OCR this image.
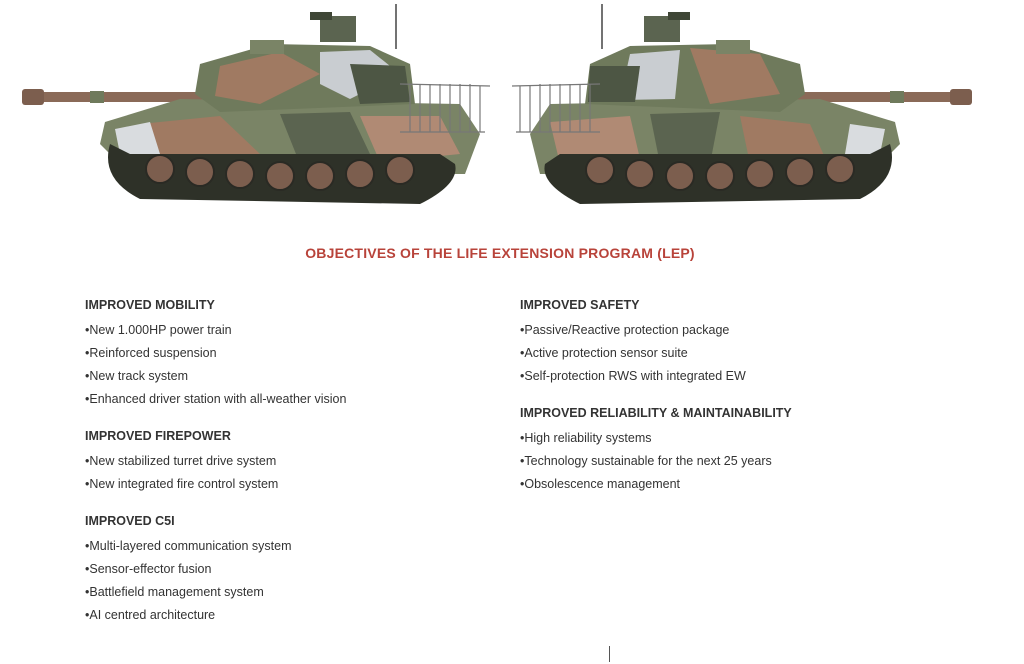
OBJECTIVES OF THE LIFE EXTENSION PROGRAM (LEP)
IMPROVED MOBILITY
•New 1.000HP power train
•Reinforced suspension
•New track system
•Enhanced driver station with all-weather vision
IMPROVED FIREPOWER
•New stabilized turret drive system
•New integrated fire control system
IMPROVED C5I
•Multi-layered communication system
•Sensor-effector fusion
•Battlefield management system
•AI centred architecture
IMPROVED SAFETY
•Passive/Reactive protection package
•Active protection sensor suite
•Self-protection RWS with integrated EW
IMPROVED RELIABILITY & MAINTAINABILITY
•High reliability systems
•Technology sustainable for the next 25 years
•Obsolescence management
